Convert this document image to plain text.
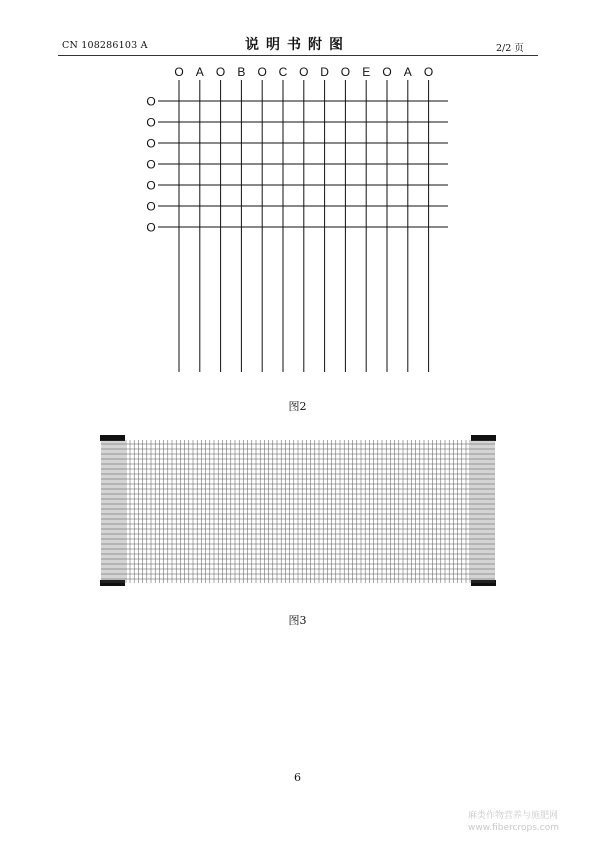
CN 108286103 A	说明书附图	2/2 页
O A O B O C O D O E O A O
O
O
O
O
O
O
O
图2
图3
6
麻类作物营养与施肥网
www.fibercrops.com
